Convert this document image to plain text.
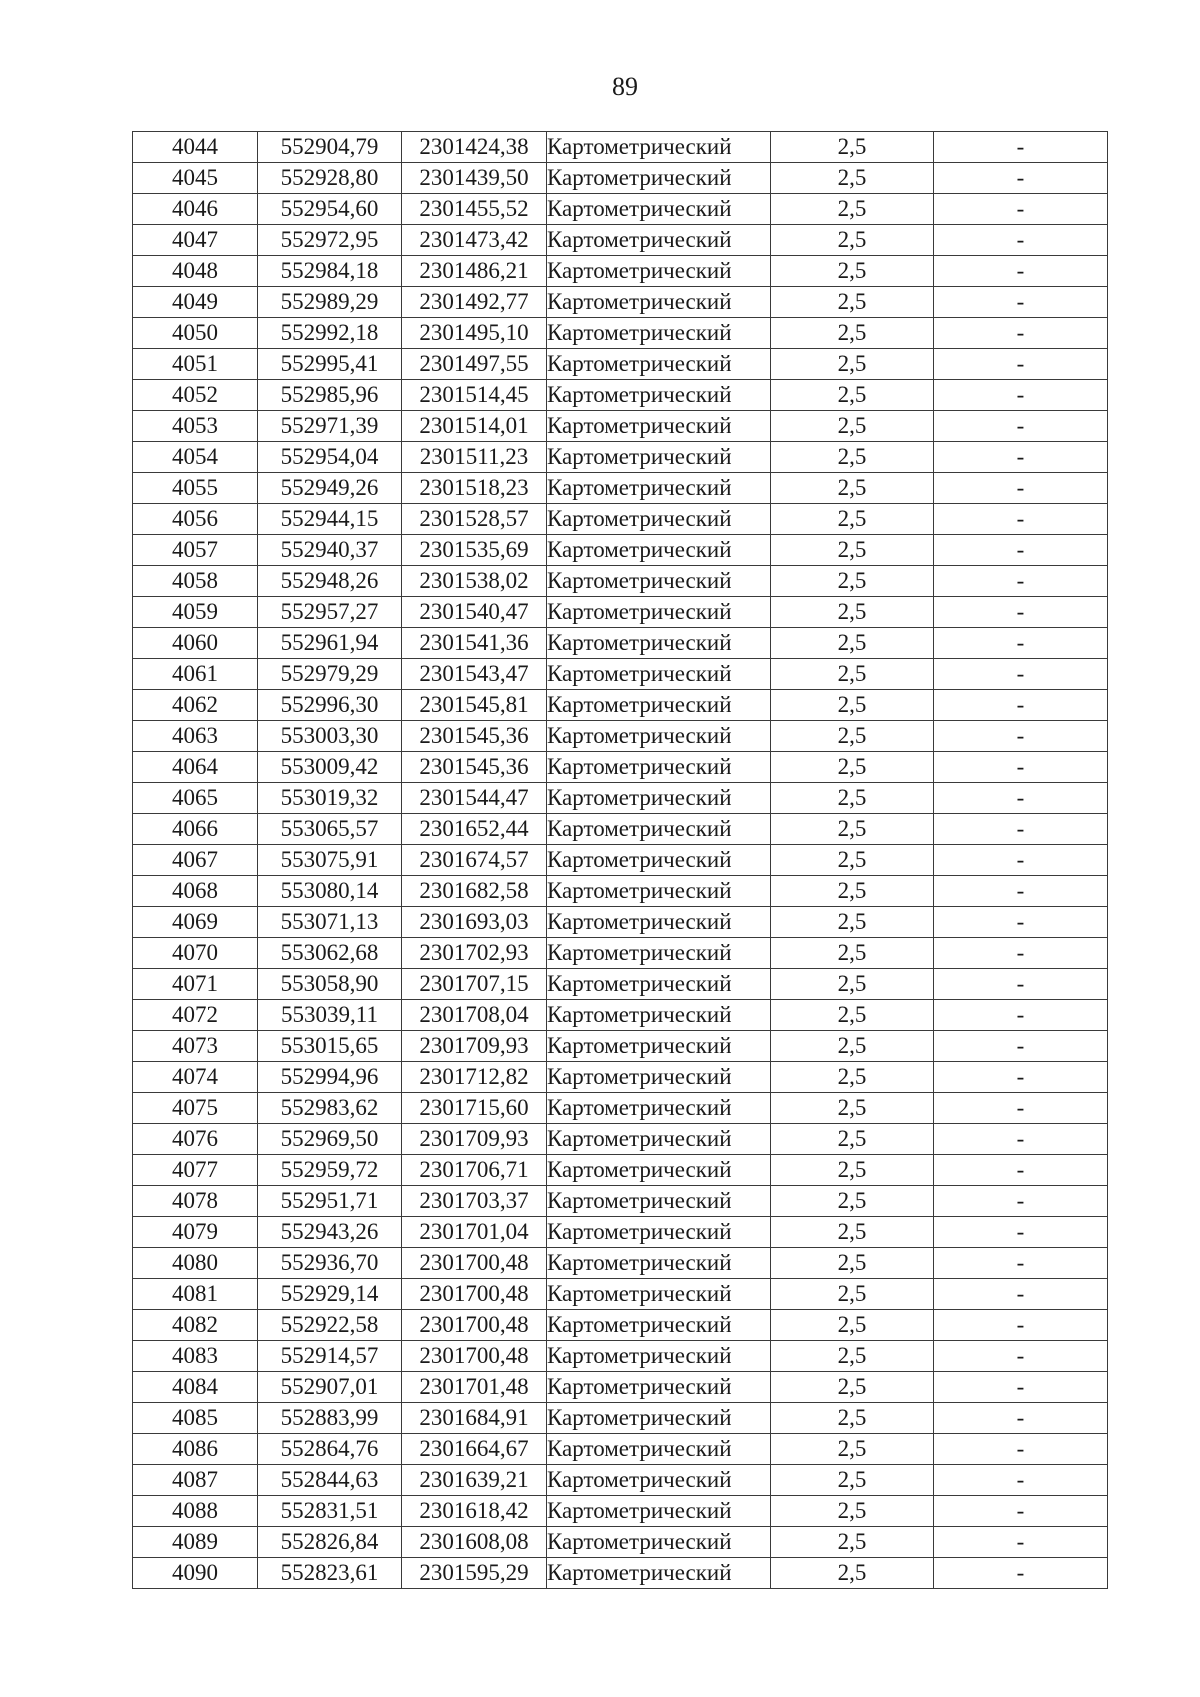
89
4044	552904,79	2301424,38	Картометрический	2,5	-
4045	552928,80	2301439,50	Картометрический	2,5	-
4046	552954,60	2301455,52	Картометрический	2,5	-
4047	552972,95	2301473,42	Картометрический	2,5	-
4048	552984,18	2301486,21	Картометрический	2,5	-
4049	552989,29	2301492,77	Картометрический	2,5	-
4050	552992,18	2301495,10	Картометрический	2,5	-
4051	552995,41	2301497,55	Картометрический	2,5	-
4052	552985,96	2301514,45	Картометрический	2,5	-
4053	552971,39	2301514,01	Картометрический	2,5	-
4054	552954,04	2301511,23	Картометрический	2,5	-
4055	552949,26	2301518,23	Картометрический	2,5	-
4056	552944,15	2301528,57	Картометрический	2,5	-
4057	552940,37	2301535,69	Картометрический	2,5	-
4058	552948,26	2301538,02	Картометрический	2,5	-
4059	552957,27	2301540,47	Картометрический	2,5	-
4060	552961,94	2301541,36	Картометрический	2,5	-
4061	552979,29	2301543,47	Картометрический	2,5	-
4062	552996,30	2301545,81	Картометрический	2,5	-
4063	553003,30	2301545,36	Картометрический	2,5	-
4064	553009,42	2301545,36	Картометрический	2,5	-
4065	553019,32	2301544,47	Картометрический	2,5	-
4066	553065,57	2301652,44	Картометрический	2,5	-
4067	553075,91	2301674,57	Картометрический	2,5	-
4068	553080,14	2301682,58	Картометрический	2,5	-
4069	553071,13	2301693,03	Картометрический	2,5	-
4070	553062,68	2301702,93	Картометрический	2,5	-
4071	553058,90	2301707,15	Картометрический	2,5	-
4072	553039,11	2301708,04	Картометрический	2,5	-
4073	553015,65	2301709,93	Картометрический	2,5	-
4074	552994,96	2301712,82	Картометрический	2,5	-
4075	552983,62	2301715,60	Картометрический	2,5	-
4076	552969,50	2301709,93	Картометрический	2,5	-
4077	552959,72	2301706,71	Картометрический	2,5	-
4078	552951,71	2301703,37	Картометрический	2,5	-
4079	552943,26	2301701,04	Картометрический	2,5	-
4080	552936,70	2301700,48	Картометрический	2,5	-
4081	552929,14	2301700,48	Картометрический	2,5	-
4082	552922,58	2301700,48	Картометрический	2,5	-
4083	552914,57	2301700,48	Картометрический	2,5	-
4084	552907,01	2301701,48	Картометрический	2,5	-
4085	552883,99	2301684,91	Картометрический	2,5	-
4086	552864,76	2301664,67	Картометрический	2,5	-
4087	552844,63	2301639,21	Картометрический	2,5	-
4088	552831,51	2301618,42	Картометрический	2,5	-
4089	552826,84	2301608,08	Картометрический	2,5	-
4090	552823,61	2301595,29	Картометрический	2,5	-
